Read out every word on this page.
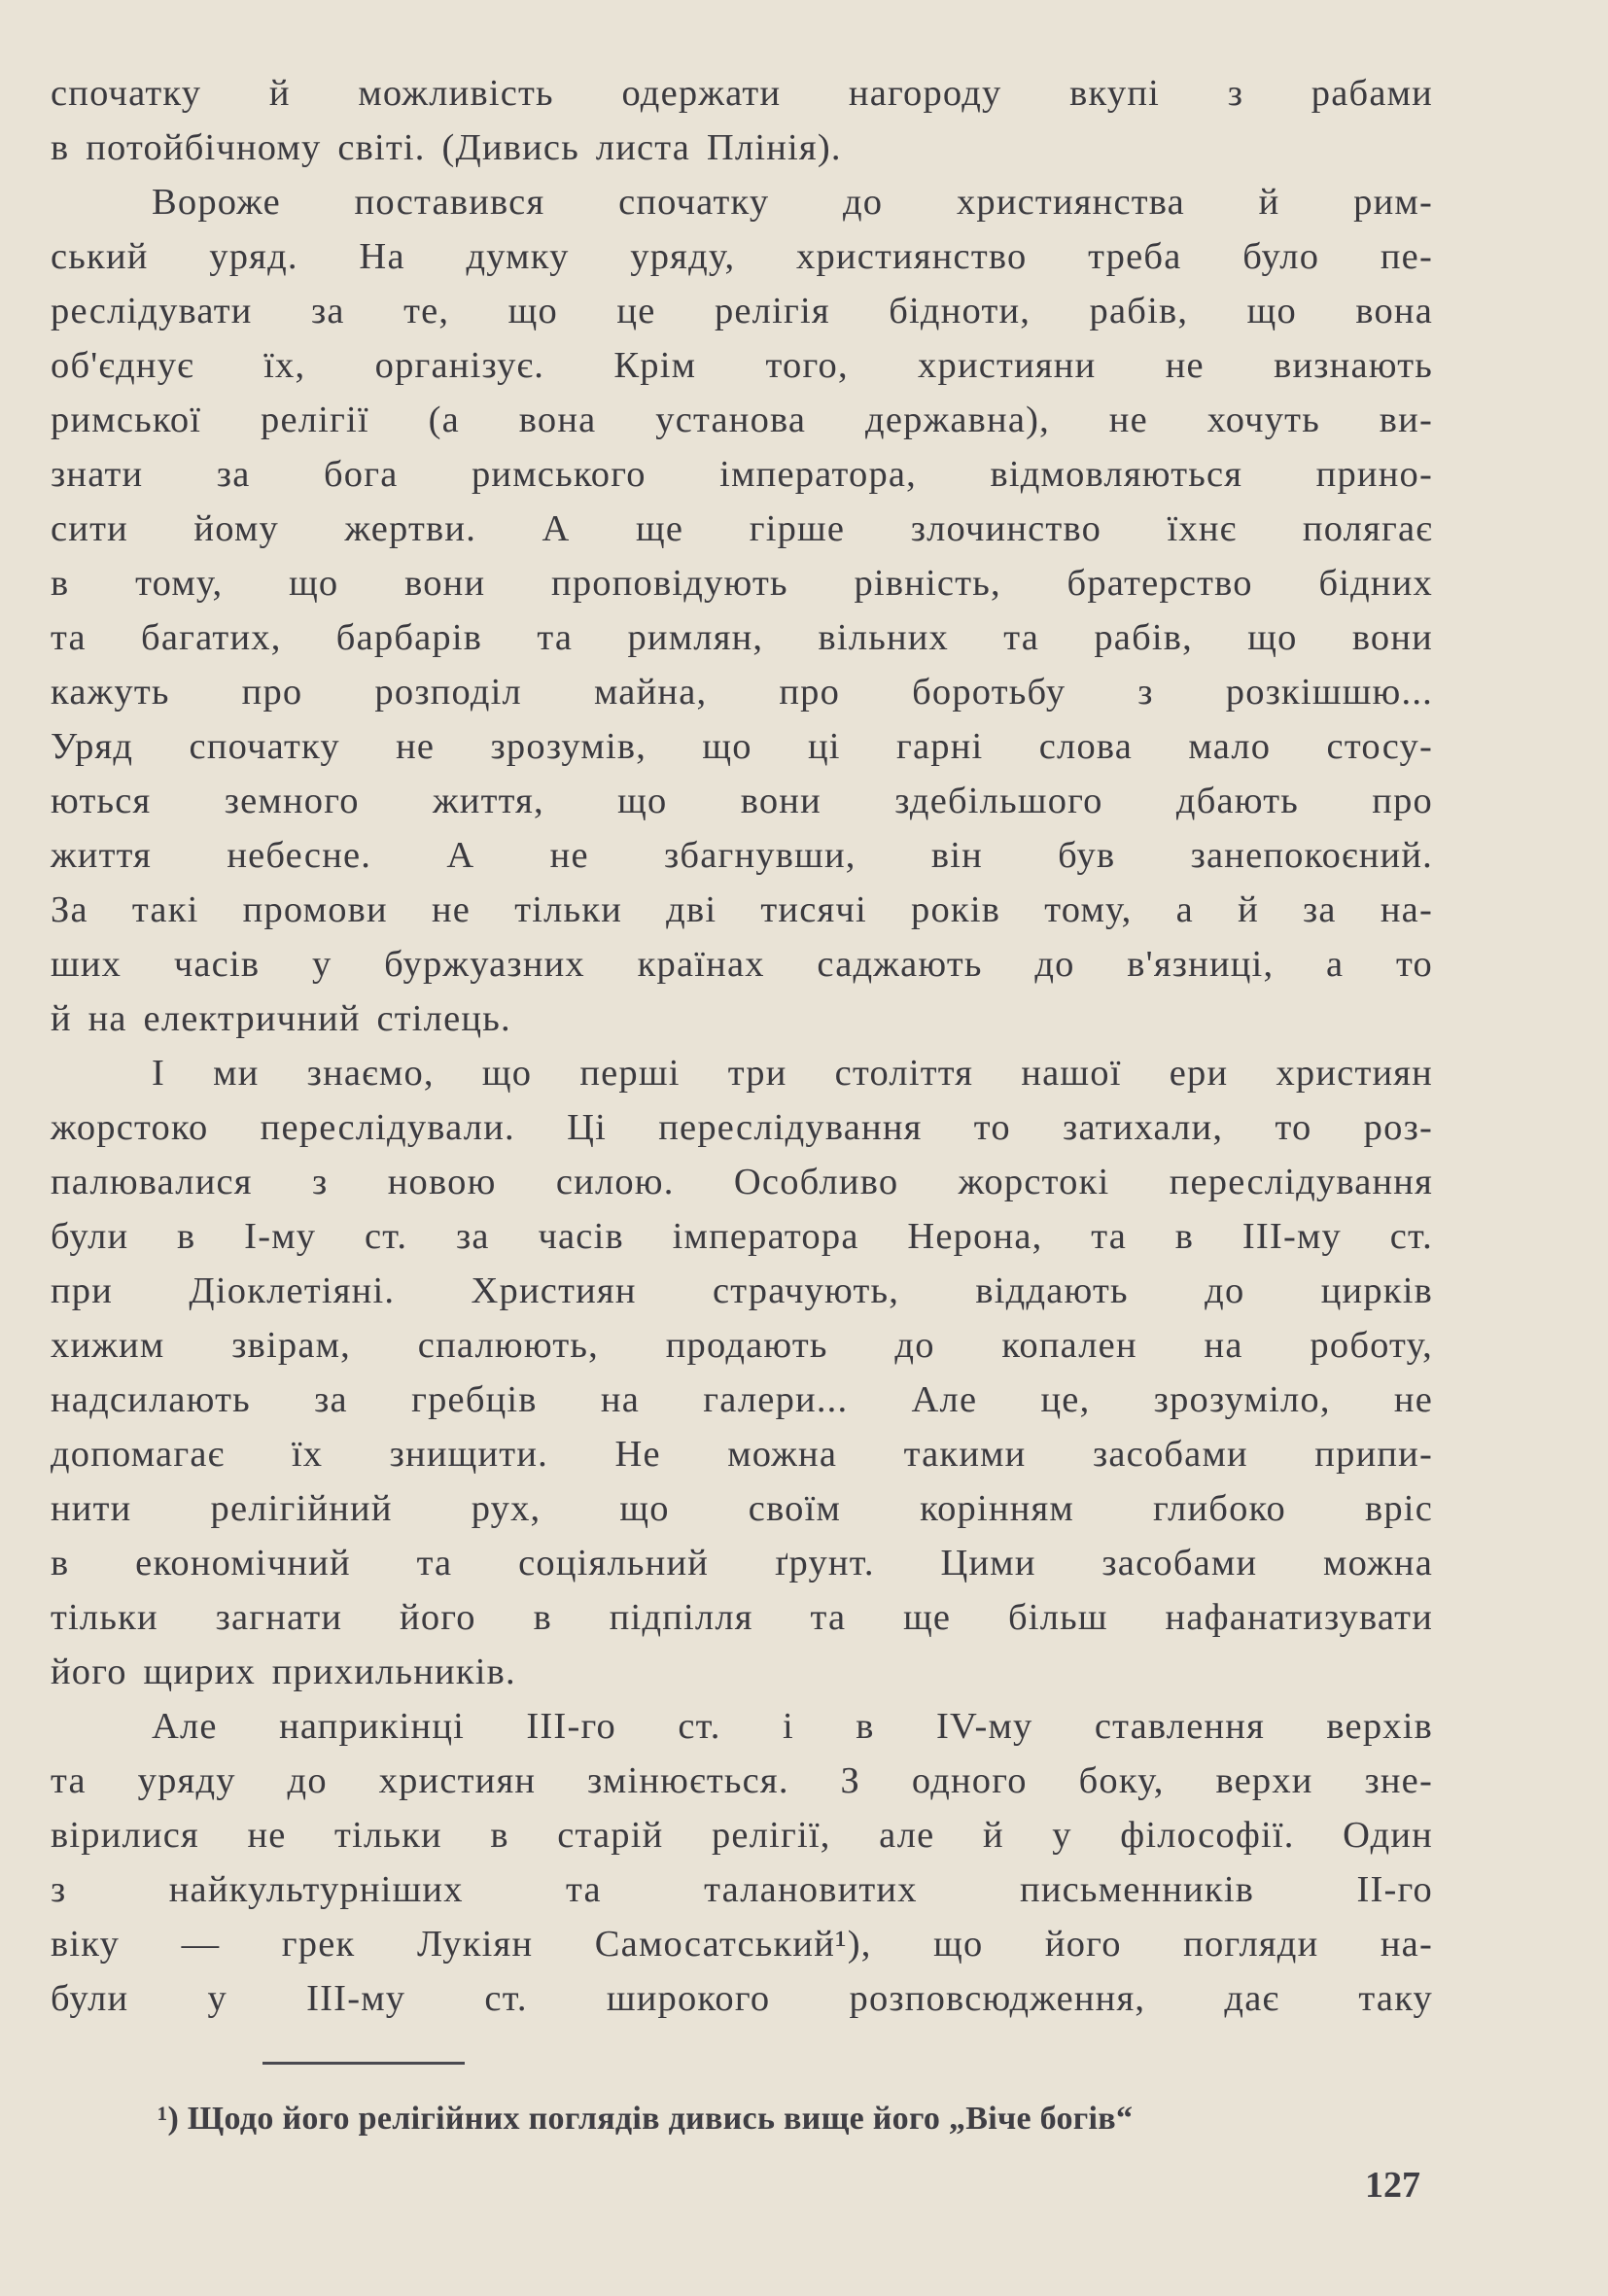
спочатку й можливість одержати нагороду вкупі з рабами
в потойбічному світі. (Дивись листа Плінія).
Вороже поставився спочатку до християнства й рим-
ський уряд. На думку уряду, християнство треба було пе-
реслідувати за те, що це релігія бідноти, рабів, що вона
об'єднує їх, організує. Крім того, християни не визнають
римської релігії (а вона установа державна), не хочуть ви-
знати за бога римського імператора, відмовляються прино-
сити йому жертви. А ще гірше злочинство їхнє полягає
в тому, що вони проповідують рівність, братерство бідних
та багатих, барбарів та римлян, вільних та рабів, що вони
кажуть про розподіл майна, про боротьбу з розкішшю...
Уряд спочатку не зрозумів, що ці гарні слова мало стосу-
ються земного життя, що вони здебільшого дбають про
життя небесне. А не збагнувши, він був занепокоєний.
За такі промови не тільки дві тисячі років тому, а й за на-
ших часів у буржуазних країнах саджають до в'язниці, а то
й на електричний стілець.
І ми знаємо, що перші три століття нашої ери християн
жорстоко переслідували. Ці переслідування то затихали, то роз-
палювалися з новою силою. Особливо жорстокі переслідування
були в І-му ст. за часів імператора Нерона, та в ІІІ-му ст.
при Діоклетіяні. Християн страчують, віддають до цирків
хижим звірам, спалюють, продають до копален на роботу,
надсилають за гребців на галери... Але це, зрозуміло, не
допомагає їх знищити. Не можна такими засобами припи-
нити релігійний рух, що своїм корінням глибоко вріс
в економічний та соціяльний ґрунт. Цими засобами можна
тільки загнати його в підпілля та ще більш нафанатизувати
його щирих прихильників.
Але наприкінці ІІІ-го ст. і в IV-му ставлення верхів
та уряду до християн змінюється. З одного боку, верхи зне-
вірилися не тільки в старій релігії, але й у філософії. Один
з найкультурніших та талановитих письменників ІІ-го
віку — грек Лукіян Самосатський¹), що його погляди на-
були у ІІІ-му ст. широкого розповсюдження, дає таку
¹) Щодо його релігійних поглядів дивись вище його „Віче богів“
127
